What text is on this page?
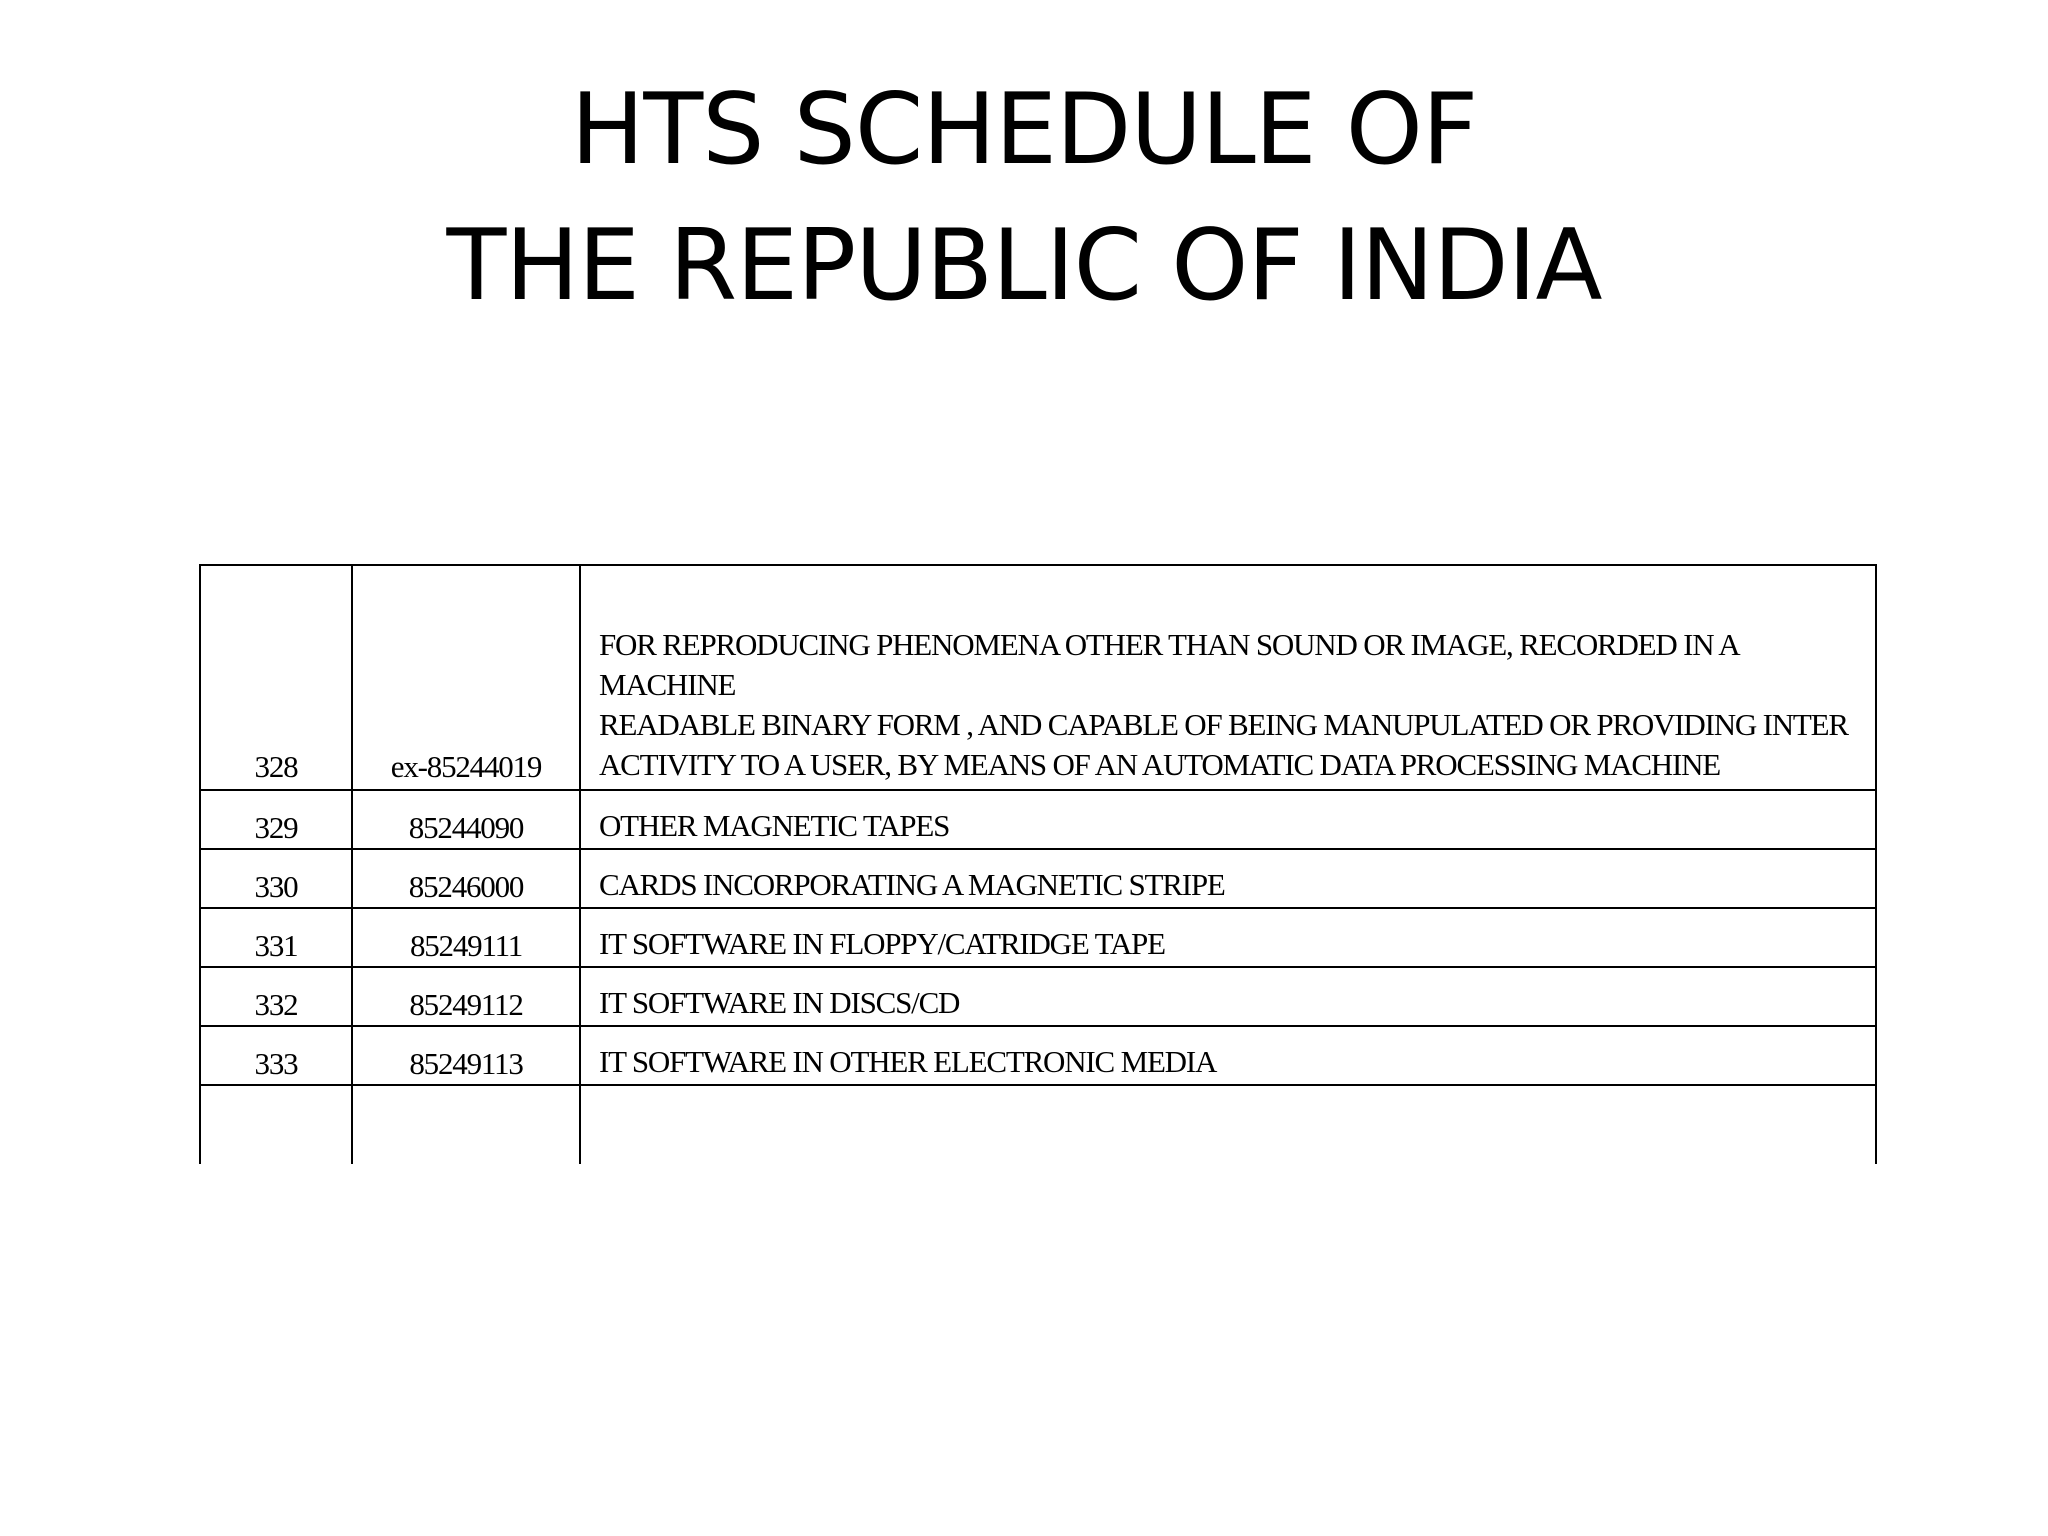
HTS SCHEDULE OF
THE REPUBLIC OF INDIA
328	ex-85244019	FOR REPRODUCING PHENOMENA OTHER THAN SOUND OR IMAGE, RECORDED IN A MACHINE
READABLE BINARY FORM , AND CAPABLE OF BEING MANUPULATED OR PROVIDING INTER
ACTIVITY TO A USER, BY MEANS OF AN AUTOMATIC DATA PROCESSING MACHINE

329	85244090	OTHER MAGNETIC TAPES
330	85246000	CARDS INCORPORATING A MAGNETIC STRIPE
331	85249111	IT SOFTWARE IN FLOPPY/CATRIDGE TAPE
332	85249112	IT SOFTWARE IN DISCS/CD
333	85249113	IT SOFTWARE IN OTHER ELECTRONIC MEDIA
